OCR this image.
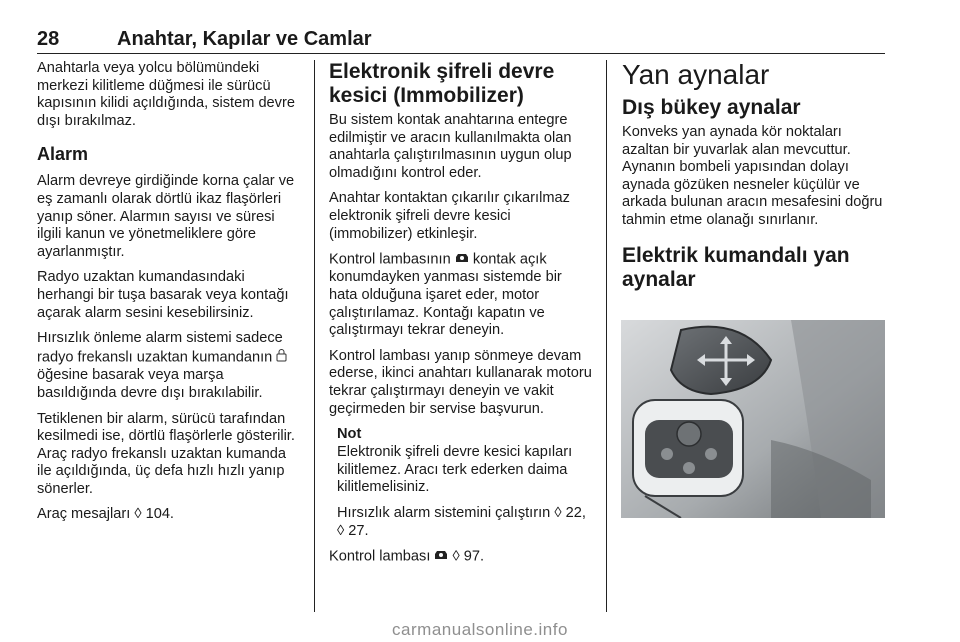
28	Anahtar, Kapılar ve Camlar

Anahtarla veya yolcu bölümündeki merkezi kilitleme düğmesi ile sürücü kapısının kilidi açıldığında, sistem devre dışı bırakılmaz.

Alarm

Alarm devreye girdiğinde korna çalar ve eş zamanlı olarak dörtlü ikaz flaşörleri yanıp söner. Alarmın sayısı ve süresi ilgili kanun ve yönetmeliklere göre ayarlanmıştır.

Radyo uzaktan kumandasındaki herhangi bir tuşa basarak veya kontağı açarak alarm sesini kesebilirsiniz.

Hırsızlık önleme alarm sistemi sadece radyo frekanslı uzaktan kumandanın  öğesine basarak veya marşa basıldığında devre dışı bırakılabilir.

Tetiklenen bir alarm, sürücü tarafından kesilmedi ise, dörtlü flaşörlerle gösterilir. Araç radyo frekanslı uzaktan kumanda ile açıldığında, üç defa hızlı hızlı yanıp sönerler.

Araç mesajları ◊ 104.

Elektronik şifreli devre kesici (Immobilizer)

Bu sistem kontak anahtarına entegre edilmiştir ve aracın kullanılmakta olan anahtarla çalıştırılmasının uygun olup olmadığını kontrol eder.

Anahtar kontaktan çıkarılır çıkarılmaz elektronik şifreli devre kesici (immobilizer) etkinleşir.

Kontrol lambasının kontak açık konumdayken yanması sistemde bir hata olduğuna işaret eder, motor çalıştırılamaz. Kontağı kapatın ve çalıştırmayı tekrar deneyin.

Kontrol lambası yanıp sönmeye devam ederse, ikinci anahtarı kullanarak motoru tekrar çalıştırmayı deneyin ve vakit geçirmeden bir servise başvurun.

Not

Elektronik şifreli devre kesici kapıları kilitlemez. Aracı terk ederken daima kilitlemelisiniz.

Hırsızlık alarm sistemini çalıştırın ◊ 22, ◊ 27.

Kontrol lambası ◊ 97.

Yan aynalar
Dış bükey aynalar

Konveks yan aynada kör noktaları azaltan bir yuvarlak alan mevcuttur. Aynanın bombeli yapısından dolayı aynada gözüken nesneler küçülür ve arkada bulunan aracın mesafesini doğru tahmin etme olanağı sınırlanır.

Elektrik kumandalı yan aynalar
carmanualsonline.info
